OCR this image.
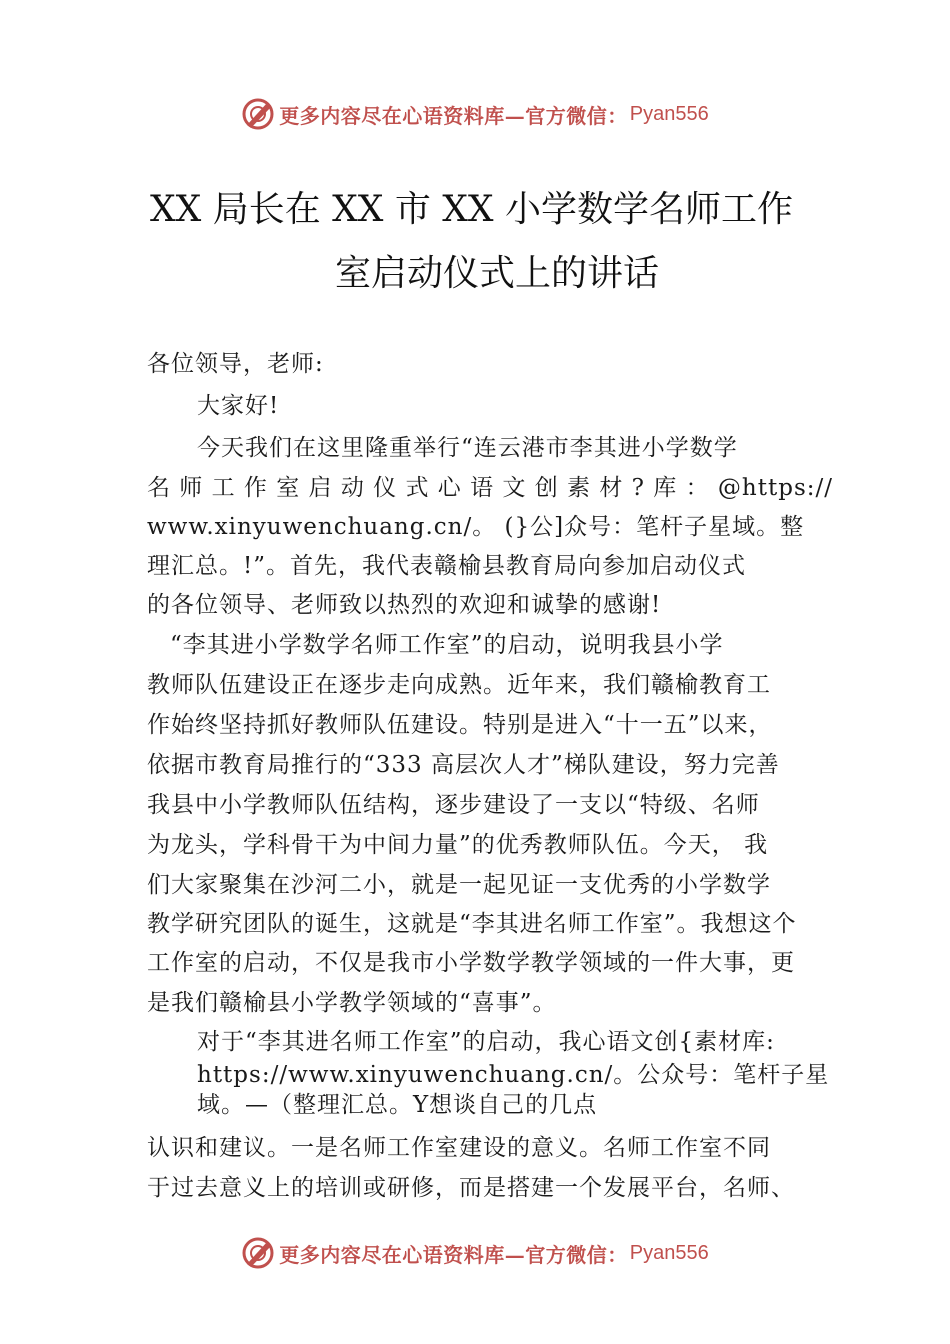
更多内容尽在心语资料库—官方微信： Pyan556
XX 局长在 XX 市 XX 小学数学名师工作
室启动仪式上的讲话
各位领导，老师:
大家好!
今天我们在这里隆重举行“连云港市李其进小学数学
名 师 工 作 室 启 动 仪 式 心 语 文 创 素 材 ? 库 ： @https://
www.xinyuwenchuang.cn/。 (}公]众号：笔杆子星域。整
理汇总。!”。首先，我代表赣榆县教育局向参加启动仪式
的各位领导、老师致以热烈的欢迎和诚挚的感谢!
“李其进小学数学名师工作室”的启动，说明我县小学
教师队伍建设正在逐步走向成熟。近年来，我们赣榆教育工
作始终坚持抓好教师队伍建设。特别是进入“十一五”以来，
依据市教育局推行的“333 高层次人才”梯队建设，努力完善
我县中小学教师队伍结构，逐步建设了一支以“特级、名师
为龙头，学科骨干为中间力量”的优秀教师队伍。今天， 我
们大家聚集在沙河二小，就是一起见证一支优秀的小学数学
教学研究团队的诞生，这就是“李其进名师工作室”。我想这个
工作室的启动，不仅是我市小学数学教学领域的一件大事，更
是我们赣榆县小学教学领域的“喜事”。
对于“李其进名师工作室”的启动，我心语文创{素材库:
https://www.xinyuwenchuang.cn/。公众号：笔杆子星
域。—（整理汇总。Y想谈自己的几点
认识和建议。一是名师工作室建设的意义。名师工作室不同
于过去意义上的培训或研修，而是搭建一个发展平台，名师、
更多内容尽在心语资料库—官方微信： Pyan556
